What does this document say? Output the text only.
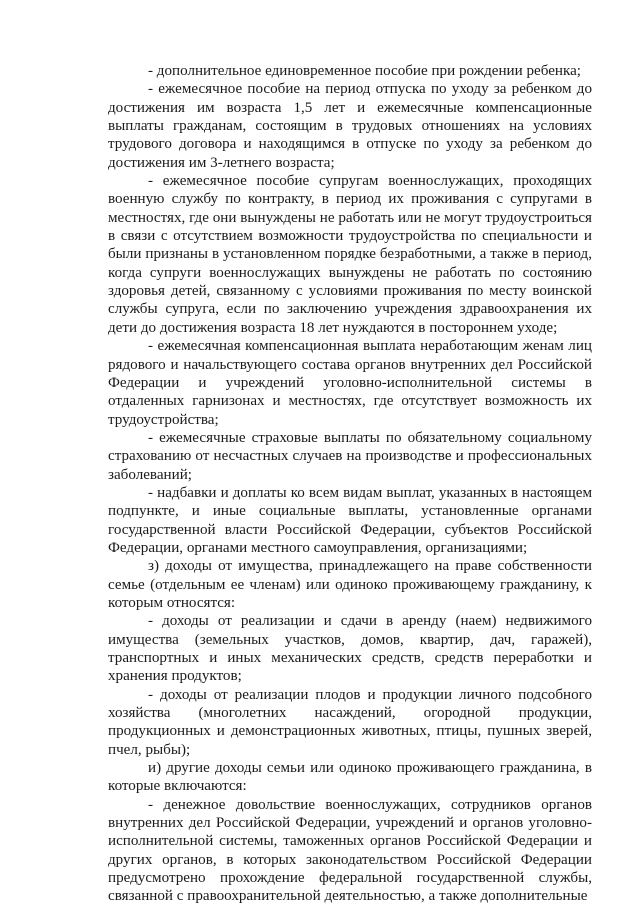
- дополнительное единовременное пособие при рождении ребенка;

- ежемесячное пособие на период отпуска по уходу за ребенком до достижения им возраста 1,5 лет и ежемесячные компенсационные выплаты гражданам, состоящим в трудовых отношениях на условиях трудового договора и находящимся в отпуске по уходу за ребенком до достижения им 3-летнего возраста;

- ежемесячное пособие супругам военнослужащих, проходящих военную службу по контракту, в период их проживания с супругами в местностях, где они вынуждены не работать или не могут трудоустроиться в связи с отсутствием возможности трудоустройства по специальности и были признаны в установленном порядке безработными, а также в период, когда супруги военнослужащих вынуждены не работать по состоянию здоровья детей, связанному с условиями проживания по месту воинской службы супруга, если по заключению учреждения здравоохранения их дети до достижения возраста 18 лет нуждаются в постороннем уходе;

- ежемесячная компенсационная выплата неработающим женам лиц рядового и начальствующего состава органов внутренних дел Российской Федерации и учреждений уголовно-исполнительной системы в отдаленных гарнизонах и местностях, где отсутствует возможность их трудоустройства;

- ежемесячные страховые выплаты по обязательному социальному страхованию от несчастных случаев на производстве и профессиональных заболеваний;

- надбавки и доплаты ко всем видам выплат, указанных в настоящем подпункте, и иные социальные выплаты, установленные органами государственной власти Российской Федерации, субъектов Российской Федерации, органами местного самоуправления, организациями;

з) доходы от имущества, принадлежащего на праве собственности семье (отдельным ее членам) или одиноко проживающему гражданину, к которым относятся:

- доходы от реализации и сдачи в аренду (наем) недвижимого имущества (земельных участков, домов, квартир, дач, гаражей), транспортных и иных механических средств, средств переработки и хранения продуктов;

- доходы от реализации плодов и продукции личного подсобного хозяйства (многолетних насаждений, огородной продукции, продукционных и демонстрационных животных, птицы, пушных зверей, пчел, рыбы);

и) другие доходы семьи или одиноко проживающего гражданина, в которые включаются:

- денежное довольствие военнослужащих, сотрудников органов внутренних дел Российской Федерации, учреждений и органов уголовно-исполнительной системы, таможенных органов Российской Федерации и других органов, в которых законодательством Российской Федерации предусмотрено прохождение федеральной государственной службы, связанной с правоохранительной деятельностью, а также дополнительные
